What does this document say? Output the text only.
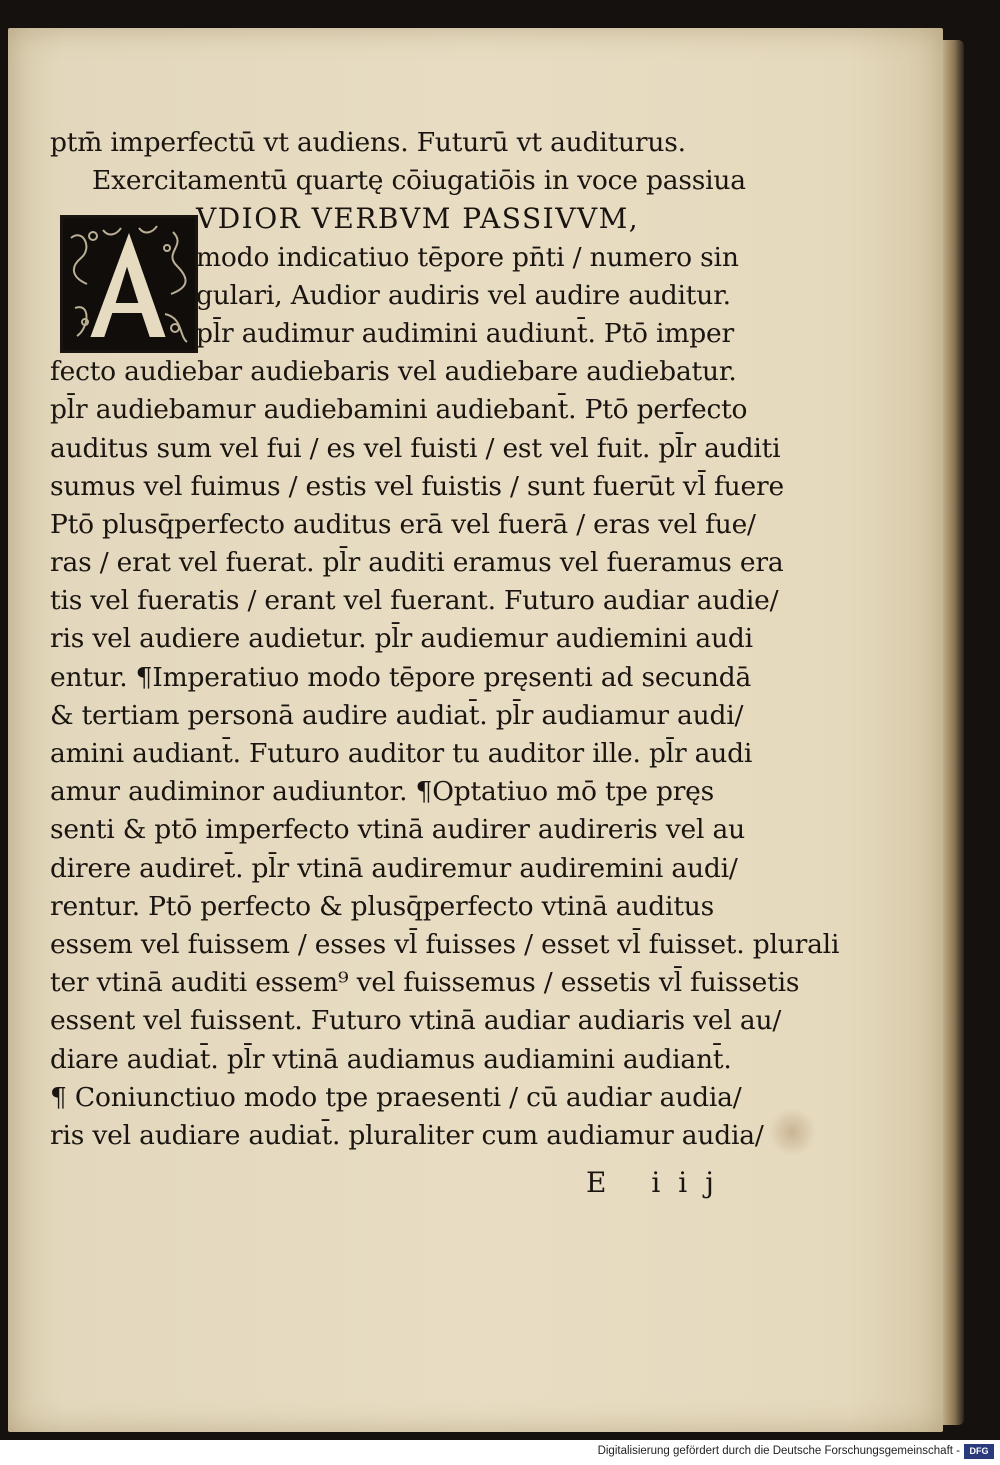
ptm̄ imperfectū vt audiens. Futurū vt auditurus.
Exercitamentū quartę cōiugatiōis in voce passiua
VDIOR VERBVM PASSIVVM,
modo indicatiuo tēpore pn̄ti / numero sin
gulari, Audior audiris vel audire auditur.
pl̄r audimur audimini audiunt̄. Ptō imper
fecto audiebar audiebaris vel audiebare audiebatur.
pl̄r audiebamur audiebamini audiebant̄. Ptō perfecto
auditus sum vel fui / es vel fuisti / est vel fuit. pl̄r auditi
sumus vel fuimus / estis vel fuistis / sunt fuerūt vl̄ fuere
Ptō plusq̄perfecto auditus erā vel fuerā / eras vel fue/
ras / erat vel fuerat. pl̄r auditi eramus vel fueramus era
tis vel fueratis / erant vel fuerant. Futuro audiar audie/
ris vel audiere audietur. pl̄r audiemur audiemini audi
entur. ¶Imperatiuo modo tēpore pręsenti ad secundā
& tertiam personā audire audiat̄. pl̄r audiamur audi/
amini audiant̄. Futuro auditor tu auditor ille. pl̄r audi
amur audiminor audiuntor. ¶Optatiuo mō tpe pręs
senti & ptō imperfecto vtinā audirer audireris vel au
direre audiret̄. pl̄r vtinā audiremur audiremini audi/
rentur. Ptō perfecto & plusq̄perfecto vtinā auditus
essem vel fuissem / esses vl̄ fuisses / esset vl̄ fuisset. plurali
ter vtinā auditi essem⁹ vel fuissemus / essetis vl̄ fuissetis
essent vel fuissent. Futuro vtinā audiar audiaris vel au/
diare audiat̄. pl̄r vtinā audiamus audiamini audiant̄.
¶ Coniunctiuo modo tpe praesenti / cū audiar audia/
ris vel audiare audiat̄. pluraliter cum audiamur audia/
E iij
Digitalisierung gefördert durch die Deutsche Forschungsgemeinschaft -	DFG
